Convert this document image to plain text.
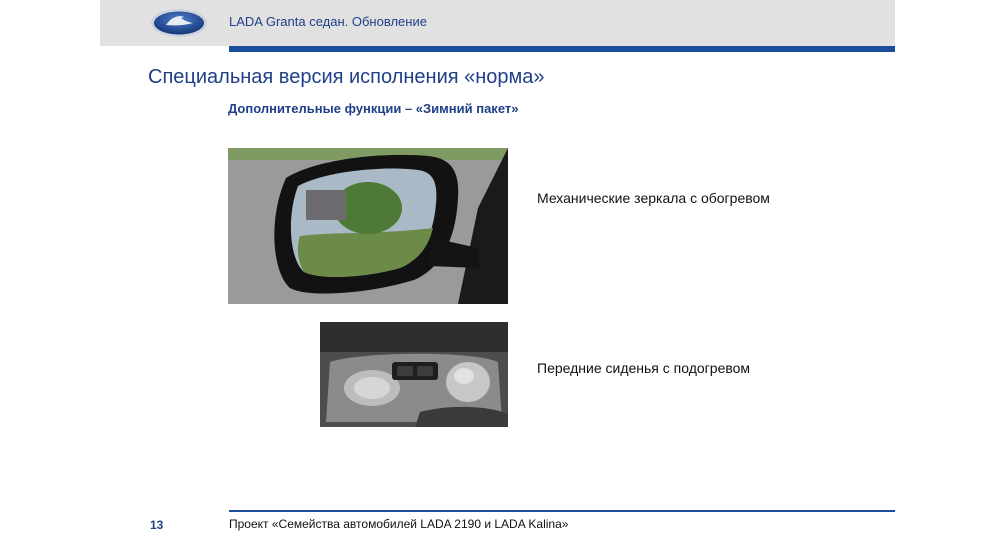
LADA Granta седан. Обновление
Специальная версия исполнения «норма»
Дополнительные функции – «Зимний пакет»
Механические зеркала с обогревом
Передние сиденья с подогревом
13	Проект «Семейства автомобилей LADA 2190 и LADA Kalina»
